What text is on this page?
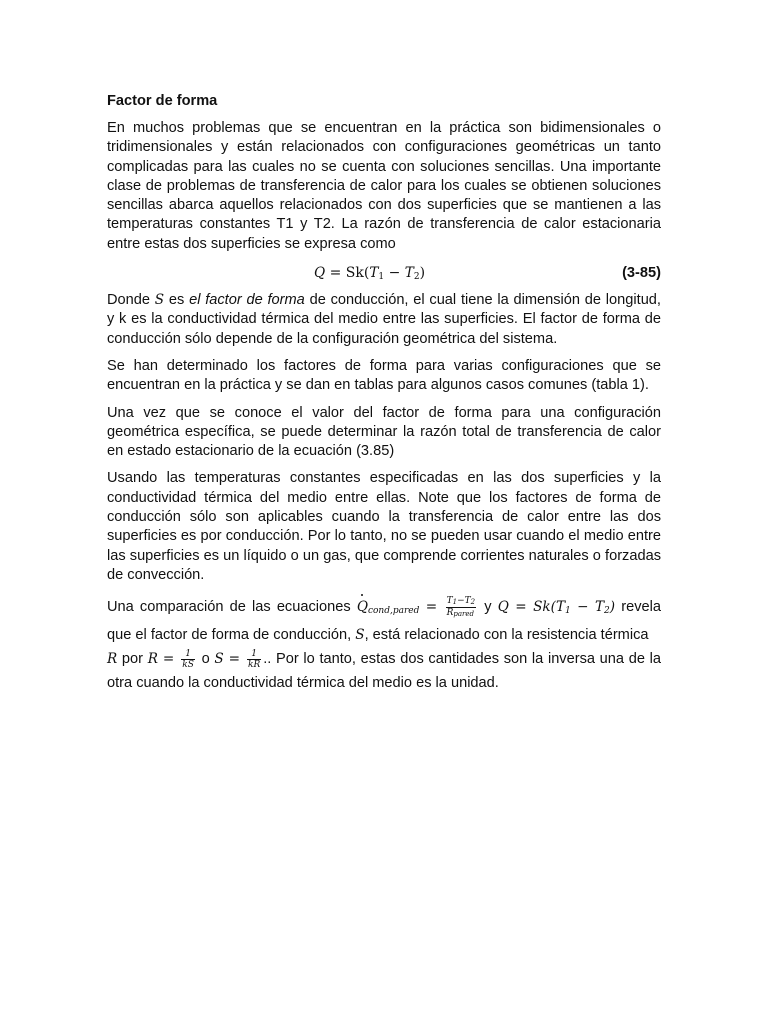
Factor de forma

En muchos problemas que se encuentran en la práctica son bidimensionales o tridimensionales y están relacionados con configuraciones geométricas un tanto complicadas para las cuales no se cuenta con soluciones sencillas. Una importante clase de problemas de transferencia de calor para los cuales se obtienen soluciones sencillas abarca aquellos relacionados con dos superficies que se mantienen a las temperaturas constantes T1 y T2. La razón de transferencia de calor estacionaria entre estas dos superficies se expresa como

$Q = Sk(T_1 - T_2)$	(3-85)

Donde S es el factor de forma de conducción, el cual tiene la dimensión de longitud, y k es la conductividad térmica del medio entre las superficies. El factor de forma de conducción sólo depende de la configuración geométrica del sistema.

Se han determinado los factores de forma para varias configuraciones que se encuentran en la práctica y se dan en tablas para algunos casos comunes (tabla 1).

Una vez que se conoce el valor del factor de forma para una configuración geométrica específica, se puede determinar la razón total de transferencia de calor en estado estacionario de la ecuación (3.85)

Usando las temperaturas constantes especificadas en las dos superficies y la conductividad térmica del medio entre ellas. Note que los factores de forma de conducción sólo son aplicables cuando la transferencia de calor entre las dos superficies es por conducción. Por lo tanto, no se pueden usar cuando el medio entre las superficies es un líquido o un gas, que comprende corrientes naturales o forzadas de convección.

Una comparación de las ecuaciones $Q_{cond,pared} = \frac{T_1-T_2}{R_{pared}}$ y $Q = Sk(T_1 - T_2)$ revela
que el factor de forma de conducción, S, está relacionado con la resistencia térmica
R por $R = \frac{1}{kS}$ o $S = \frac{1}{kR}$ .. Por lo tanto, estas dos cantidades son la inversa una de la otra cuando la conductividad térmica del medio es la unidad.
